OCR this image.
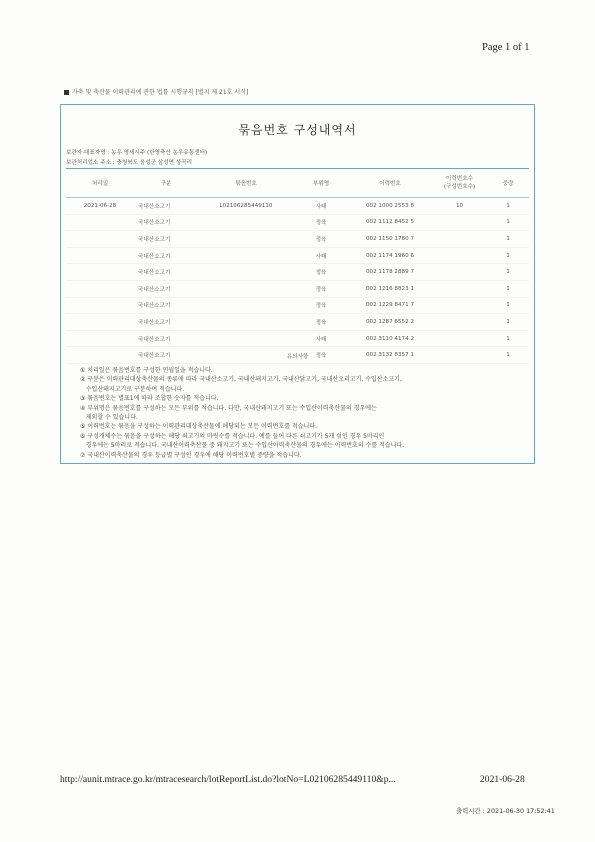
Page 1 of 1
가축 및 축산물 이력관리에 관한 법률 시행규칙 [별지 제 21호 서식]
묶음번호 구성내역서
보관자·대표자명 : 농우 영세시주 (한영축산 농우유통센터)
보관처리업소 주소 : 충청북도 음성군 삼성면 상곡리
처리일	구분	묶음번호	부위명	이력번호	이력번호수
(구성번호수)	중량
2021-06-28	국내산소고기	L0210628544911​0	사태	002 1000 2553 6	10	1
	국내산소고기		정육	002 1112 8452 5		1
	국내산소고기		정육	002 1150 1760 7		1
	국내산소고기		사태	002 1174 1960 6		1
	국내산소고기		정육	002 1178 2889 7		1
	국내산소고기		정육	002 1216 8823 1		1
	국내산소고기		정육	002 1229 8471 7		1
	국내산소고기		정육	002 1287 6552 2		1
	국내산소고기		사태	002 3110 4174 2		1
	국내산소고기		정육	002 3132 8357 1		1
유의사항
① 처리일은 묶음번호를 구성한 연월일을 적습니다.
② 구분은 이력관리대상축산물의 종류에 따라 국내산소고기, 국내산돼지고기, 국내산닭고기, 국내산오리고기, 수입산소고기,
수입산돼지고기로 구분하여 적습니다.
③ 묶음번호는 별표1에 따라 조합한 숫자를 적습니다.
④ 부위명은 묶음번호를 구성하는 모든 부위를 적습니다. 다만, 국내산돼지고기 또는 수입산이력축산물의 경우에는
제외할 수 있습니다.
⑤ 이력번호는 묶음을 구성하는 이력관리대상축산물에 해당되는 모든 이력번호를 적습니다.
⑥ 구성개체수는 묶음을 구성하는 해당 쇠고기의 마릿수를 적습니다. 예를 들어 다른 쇠고기가 5개 섞인 경우 5마리인
경우에는 5마리로 적습니다. 국내산이력축산물 중 돼지고기 또는 수입산이력축산물의 경우에는 이력번호의 수를 적습니다.
⑦ 국내산이력축산물의 경우 등급별 구성인 경우에 해당 이력번호별 중량을 적습니다.
http://aunit.mtrace.go.kr/mtracesearch/lotReportList.do?lotNo=L0210628544911​0&p...	2021-06-28
출력시간 : 2021-06-30 17:52:41
